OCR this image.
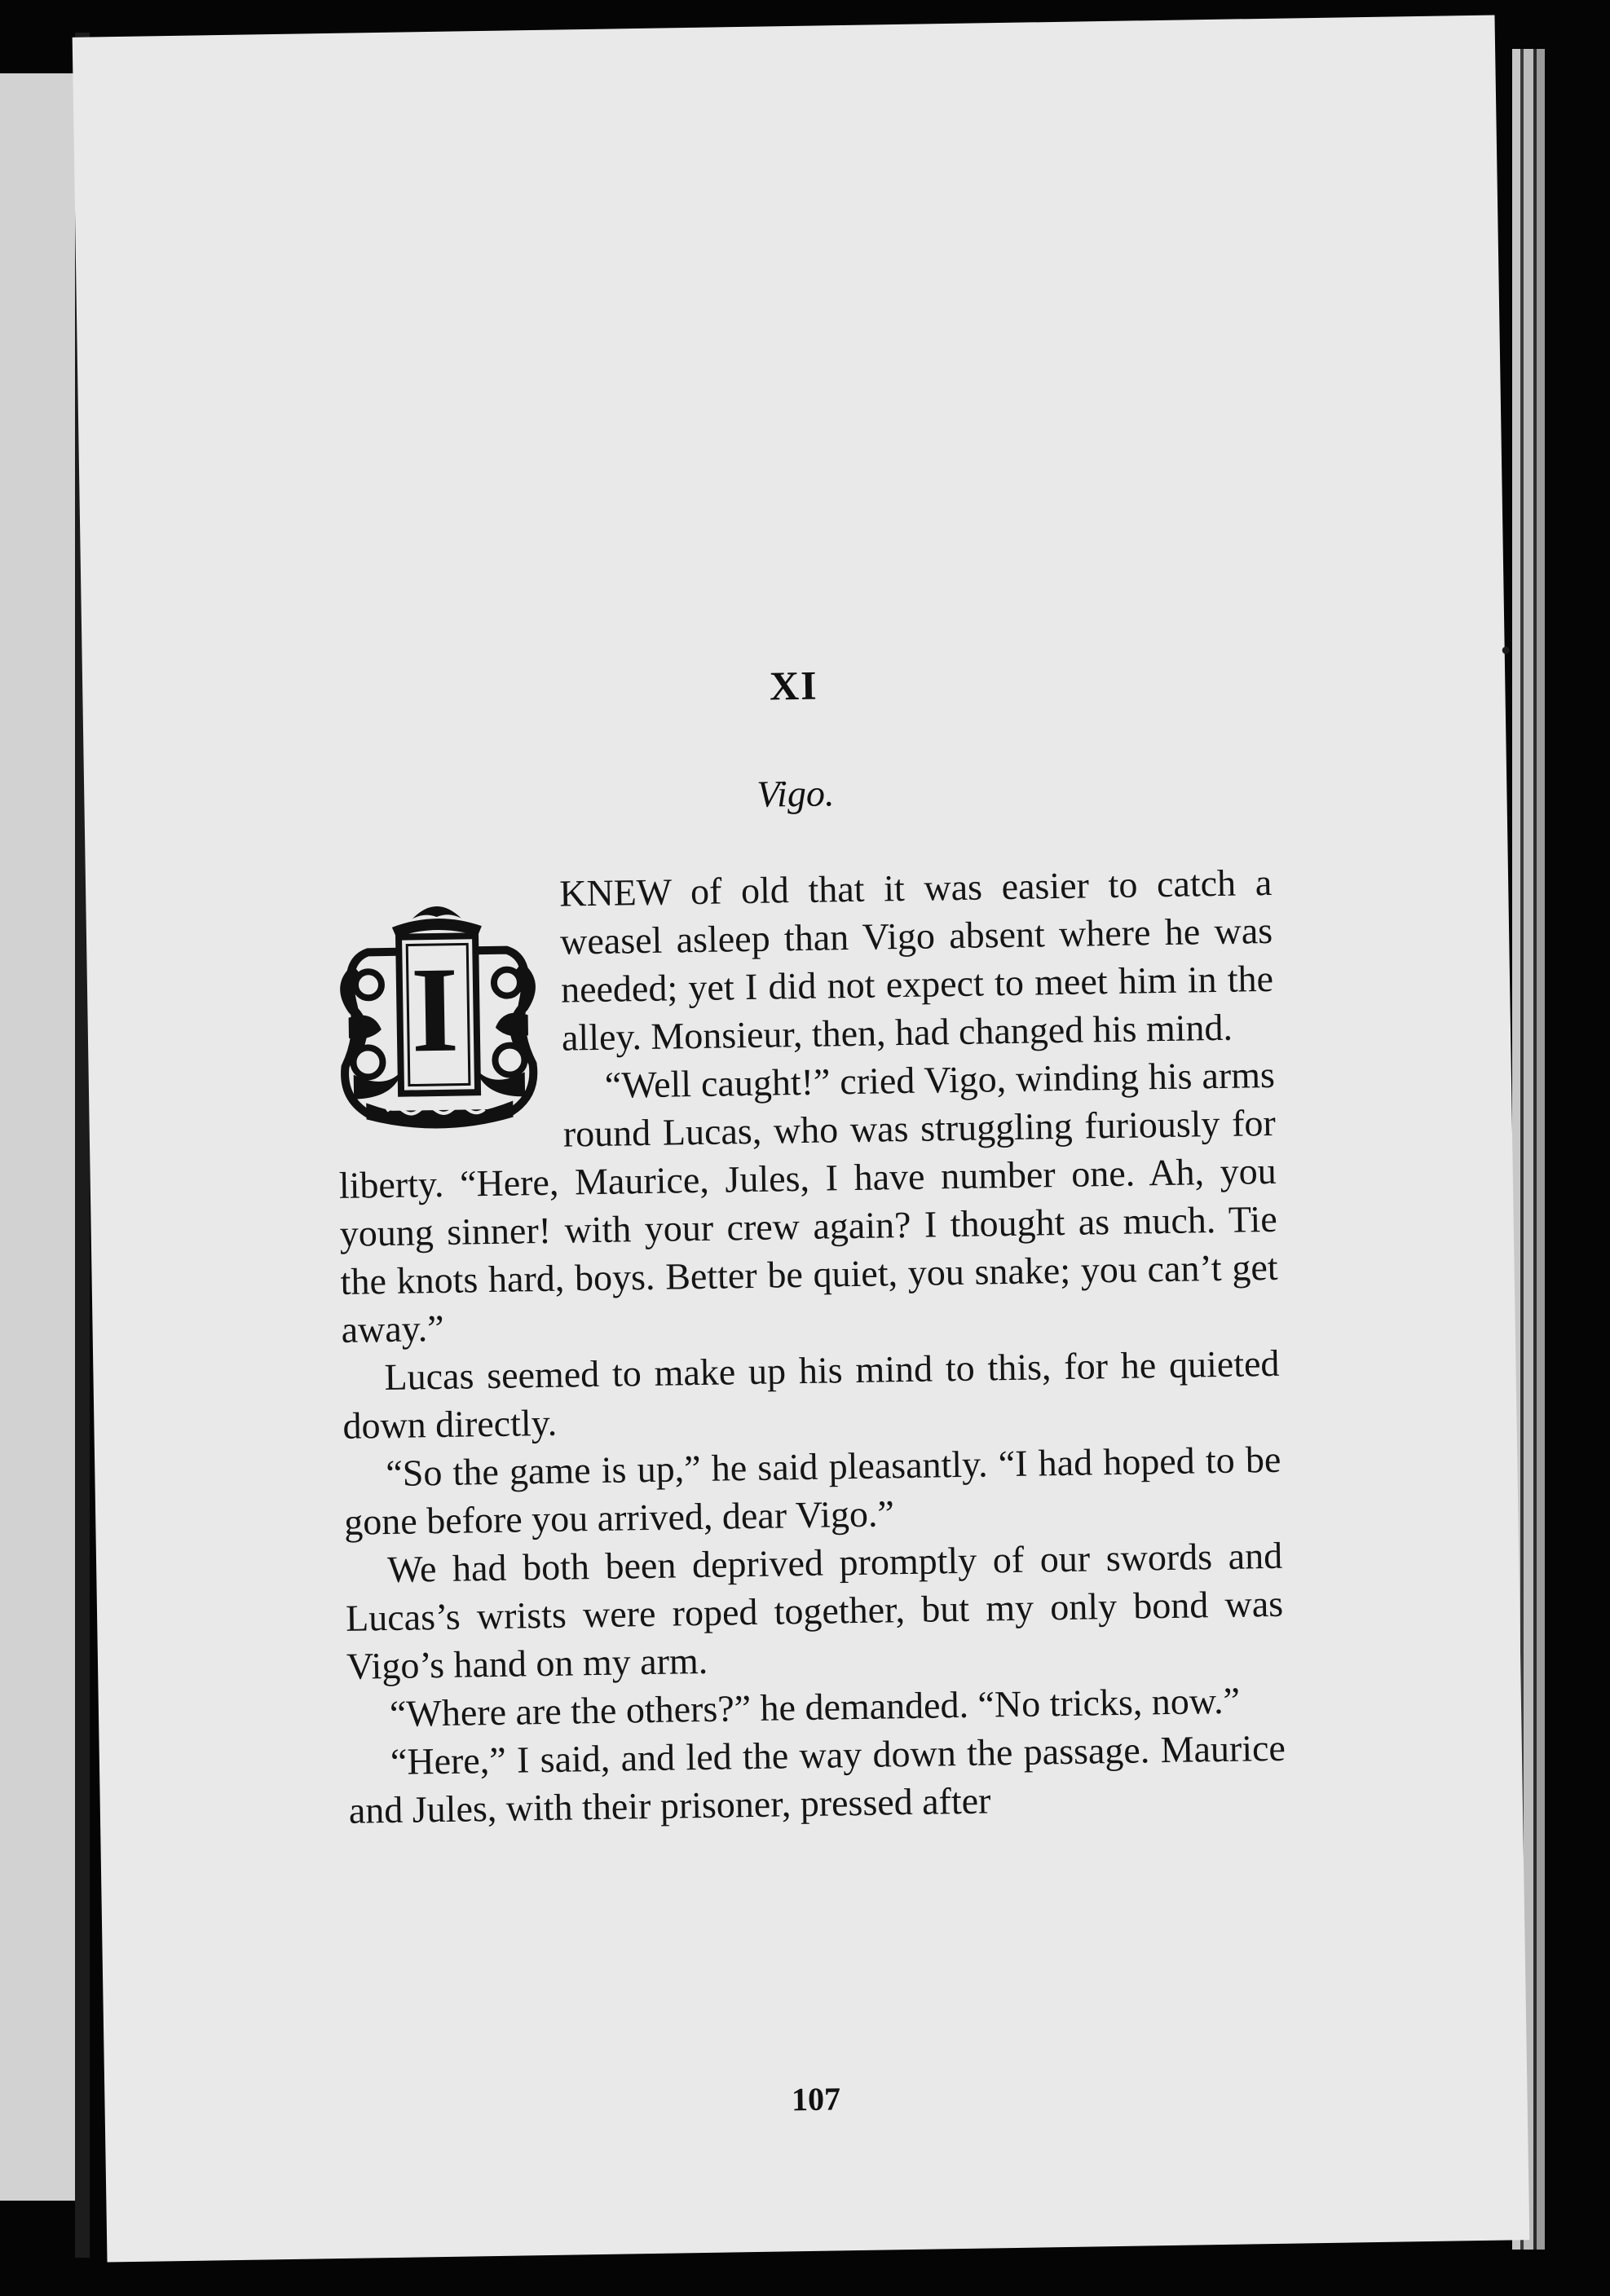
XI
Vigo.
I

KNEW of old that it was easier to catch a weasel asleep than Vigo absent where he was needed; yet I did not expect to meet him in the alley. Monsieur, then, had changed his mind.

“Well caught!” cried Vigo, winding his arms round Lucas, who was struggling furiously for liberty. “Here, Maurice, Jules, I have number one. Ah, you young sinner! with your crew again? I thought as much. Tie the knots hard, boys. Better be quiet, you snake; you can’t get away.”

Lucas seemed to make up his mind to this, for he quieted down directly.

“So the game is up,” he said pleasantly. “I had hoped to be gone before you arrived, dear Vigo.”

We had both been deprived promptly of our swords and Lucas’s wrists were roped together, but my only bond was Vigo’s hand on my arm.

“Where are the others?” he demanded. “No tricks, now.”

“Here,” I said, and led the way down the passage. Maurice and Jules, with their prisoner, pressed after

107
